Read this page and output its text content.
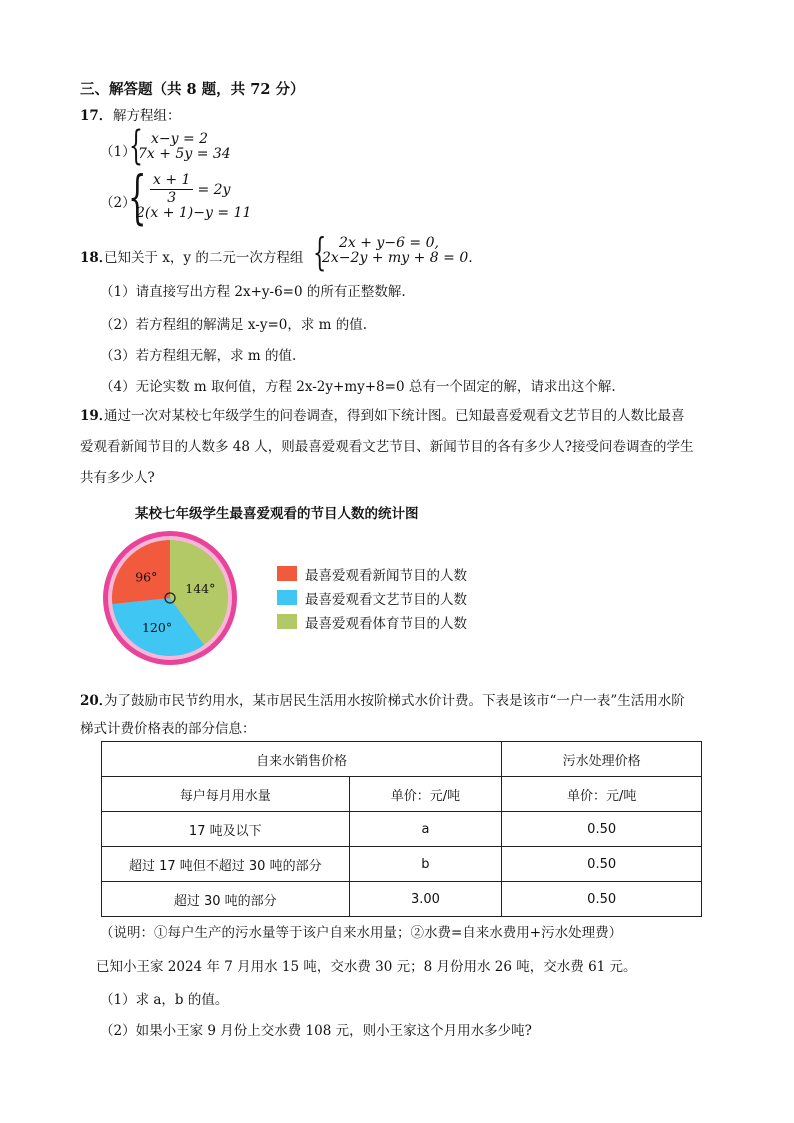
三、解答题（共 8 题，共 72 分）
17． 解方程组：
（1）
{ x−y = 2
7x + 5y = 34
（2）
{ $\frac{x + 1}{3} = 2y$
2(x + 1)−y = 11
18．
已知关于 x，y 的二元一次方程组 { 2x + y−6 = 0,
2x−2y + my + 8 = 0.
（1）请直接写出方程 2x+y-6=0 的所有正整数解.
（2）若方程组的解满足 x-y=0，求 m 的值.
（3）若方程组无解，求 m 的值.
（4）无论实数 m 取何值，方程 2x-2y+my+8=0 总有一个固定的解，请求出这个解.
19．
通过一次对某校七年级学生的问卷调查，得到如下统计图。已知最喜爱观看文艺节目的人数比最喜
爱观看新闻节目的人数多 48 人，则最喜爱观看文艺节目、新闻节目的各有多少人?接受问卷调查的学生
共有多少人?
某校七年级学生最喜爱观看的节目人数的统计图
144°
120°
96°	最喜爱观看新闻节目的人数
最喜爱观看文艺节目的人数
最喜爱观看体育节目的人数
20．
为了鼓励市民节约用水，某市居民生活用水按阶梯式水价计费。下表是该市“一户一表”生活用水阶
梯式计费价格表的部分信息：
自来水销售价格		污水处理价格
每户每月用水量	单价：元/吨	单价：元/吨
17 吨及以下	a	0.50
超过 17 吨但不超过 30 吨的部分	b	0.50
超过 30 吨的部分	3.00	0.50
（说明：①每户生产的污水量等于该户自来水用量；②水费=自来水费用+污水处理费）
已知小王家 2024 年 7 月用水 15 吨，交水费 30 元；8 月份用水 26 吨，交水费 61 元。
（1）求 a，b 的值。
（2）如果小王家 9 月份上交水费 108 元，则小王家这个月用水多少吨?
